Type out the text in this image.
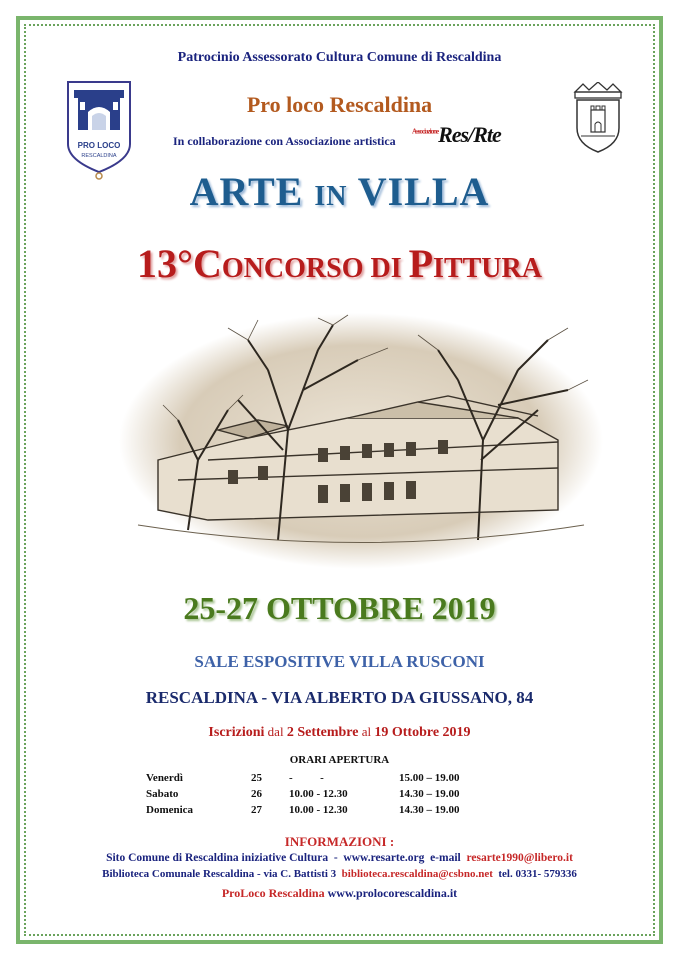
Patrocinio Assessorato Cultura Comune di Rescaldina
PRO LOCO
RESCALDINA
Pro loco Rescaldina
In collaborazione con Associazione artistica
$^{Associazione}$Res/Rte
ARTE IN VILLA
13°CONCORSO DI PITTURA
25-27 OTTOBRE 2019
SALE ESPOSITIVE VILLA RUSCONI
RESCALDINA - VIA ALBERTO DA GIUSSANO, 84
Iscrizioni dal 2 Settembre al 19 Ottobre 2019
ORARI APERTURA
Venerdì	25	-          -	15.00 – 19.00
Sabato	26	10.00 - 12.30	14.30 – 19.00
Domenica	27	10.00 - 12.30	14.30 – 19.00
INFORMAZIONI :
Sito Comune di Rescaldina iniziative Cultura  -  www.resarte.org  e-mail  resarte1990@libero.it
Biblioteca Comunale Rescaldina - via C. Battisti 3  biblioteca.rescaldina@csbno.net  tel. 0331- 579336
ProLoco Rescaldina www.prolocorescaldina.it
